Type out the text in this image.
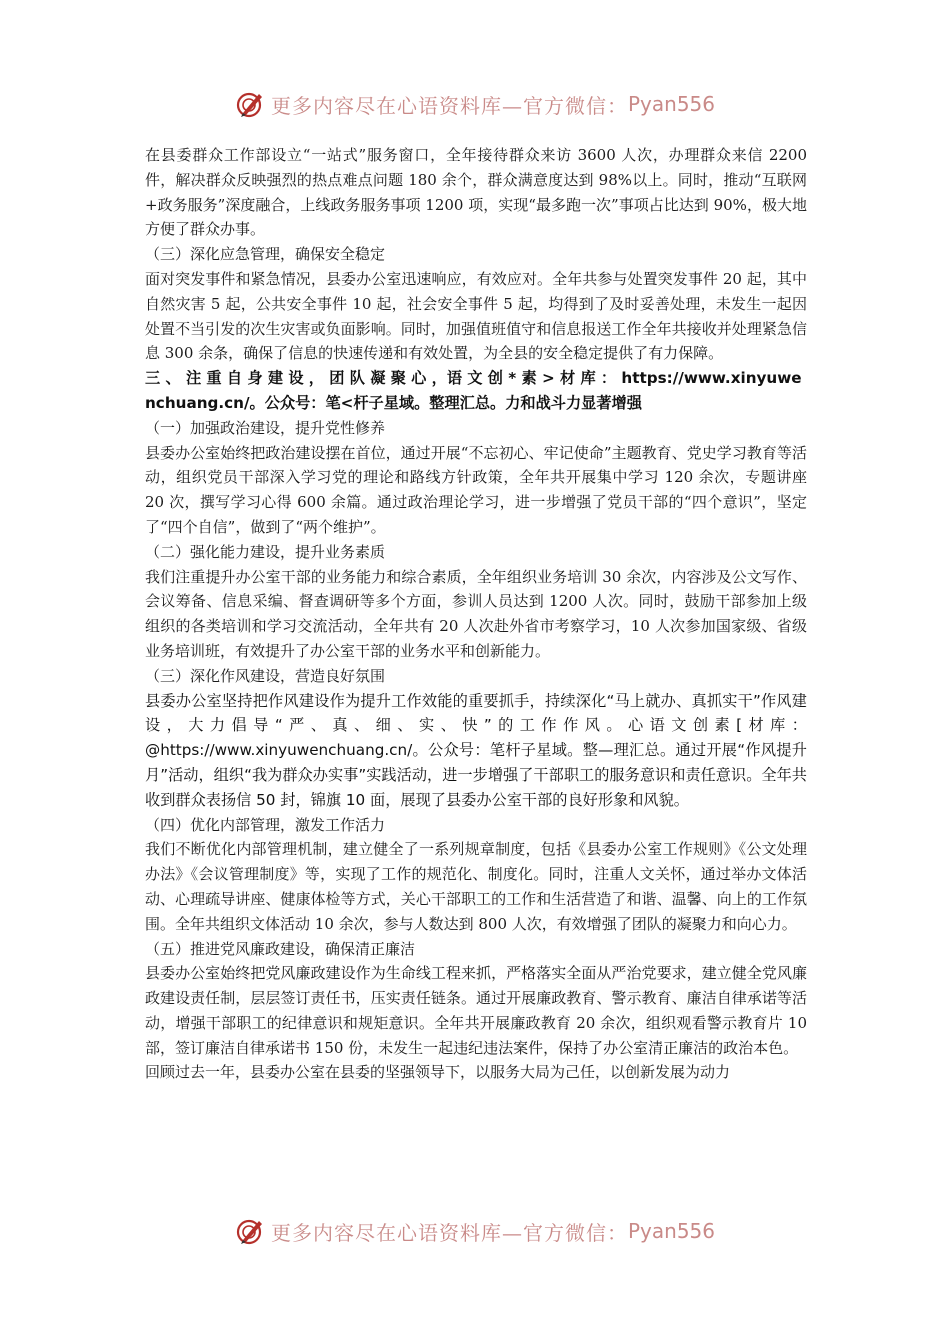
更多内容尽在心语资料库—官方微信： Pyan556

在县委群众工作部设立“一站式”服务窗口，全年接待群众来访 3600 人次，办理群众来信 2200 件，解决群众反映强烈的热点难点问题 180 余个，群众满意度达到 98%以上。同时，推动“互联网+政务服务”深度融合，上线政务服务事项 1200 项，实现“最多跑一次”事项占比达到 90%，极大地方便了群众办事。

（三）深化应急管理，确保安全稳定

面对突发事件和紧急情况，县委办公室迅速响应，有效应对。全年共参与处置突发事件 20 起，其中自然灾害 5 起，公共安全事件 10 起，社会安全事件 5 起，均得到了及时妥善处理，未发生一起因处置不当引发的次生灾害或负面影响。同时，加强值班值守和信息报送工作全年共接收并处理紧急信息 300 余条，确保了信息的快速传递和有效处置，为全县的安全稳定提供了有力保障。

三 、 注 重 自 身 建 设 ， 团 队 凝 聚 心 ，语 文 创 * 素 > 材 库 ： https://www.xinyuwenchuang.cn/。公众号：笔<杆子星域。整理汇总。力和战斗力显著增强

（一）加强政治建设，提升党性修养

县委办公室始终把政治建设摆在首位，通过开展“不忘初心、牢记使命”主题教育、党史学习教育等活动，组织党员干部深入学习党的理论和路线方针政策，全年共开展集中学习 120 余次，专题讲座 20 次，撰写学习心得 600 余篇。通过政治理论学习，进一步增强了党员干部的“四个意识”，坚定了“四个自信”，做到了“两个维护”。

（二）强化能力建设，提升业务素质

我们注重提升办公室干部的业务能力和综合素质，全年组织业务培训 30 余次，内容涉及公文写作、会议筹备、信息采编、督查调研等多个方面，参训人员达到 1200 人次。同时，鼓励干部参加上级组织的各类培训和学习交流活动，全年共有 20 人次赴外省市考察学习，10 人次参加国家级、省级业务培训班，有效提升了办公室干部的业务水平和创新能力。

（三）深化作风建设，营造良好氛围

县委办公室坚持把作风建设作为提升工作效能的重要抓手，持续深化“马上就办、真抓实干”作风建设，大力倡导“严、真、细、实、快”的工作作风。心语文创素[材库：@https://www.xinyuwenchuang.cn/。公众号：笔杆子星域。整—理汇总。通过开展“作风提升月”活动，组织“我为群众办实事”实践活动，进一步增强了干部职工的服务意识和责任意识。全年共收到群众表扬信 50 封，锦旗 10 面，展现了县委办公室干部的良好形象和风貌。

（四）优化内部管理，激发工作活力

我们不断优化内部管理机制，建立健全了一系列规章制度，包括《县委办公室工作规则》《公文处理办法》《会议管理制度》等，实现了工作的规范化、制度化。同时，注重人文关怀，通过举办文体活动、心理疏导讲座、健康体检等方式，关心干部职工的工作和生活营造了和谐、温馨、向上的工作氛围。全年共组织文体活动 10 余次，参与人数达到 800 人次，有效增强了团队的凝聚力和向心力。

（五）推进党风廉政建设，确保清正廉洁

县委办公室始终把党风廉政建设作为生命线工程来抓，严格落实全面从严治党要求，建立健全党风廉政建设责任制，层层签订责任书，压实责任链条。通过开展廉政教育、警示教育、廉洁自律承诺等活动，增强干部职工的纪律意识和规矩意识。全年共开展廉政教育 20 余次，组织观看警示教育片 10 部，签订廉洁自律承诺书 150 份，未发生一起违纪违法案件，保持了办公室清正廉洁的政治本色。

回顾过去一年，县委办公室在县委的坚强领导下，以服务大局为己任，以创新发展为动力

更多内容尽在心语资料库—官方微信： Pyan556
